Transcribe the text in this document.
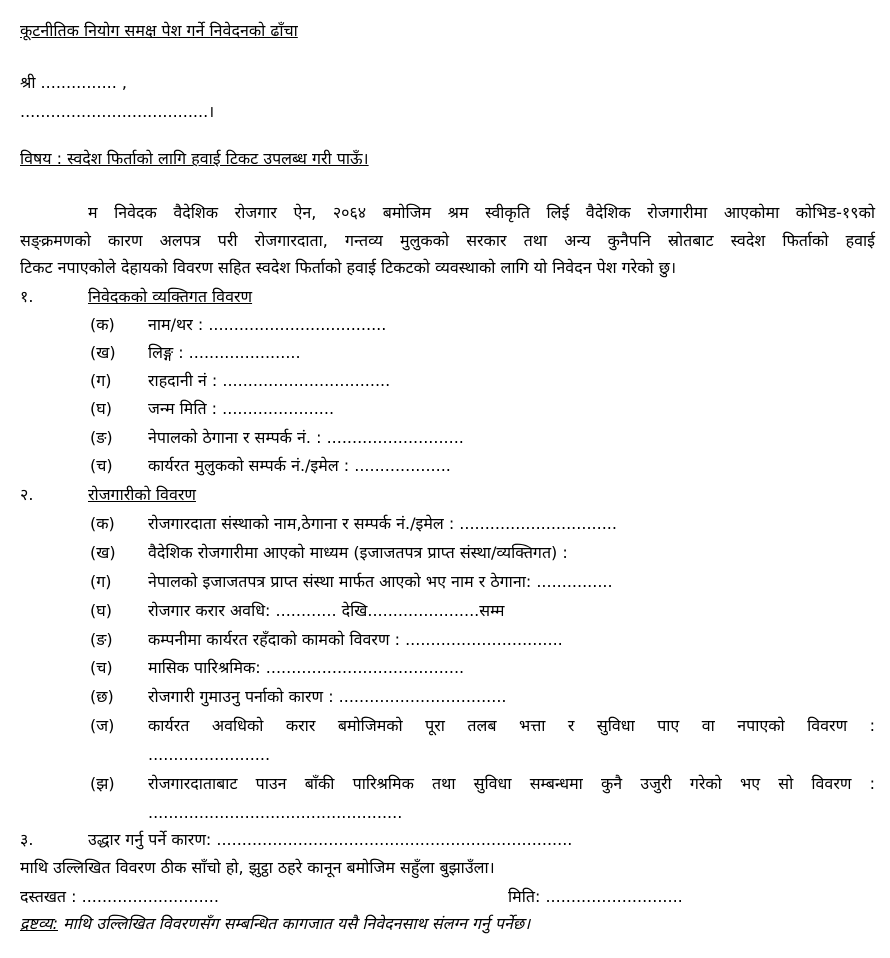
कूटनीतिक नियोग समक्ष पेश गर्ने निवेदनको ढाँचा
श्री ............... ,
.....................................।
विषय : स्वदेश फिर्ताको लागि हवाई टिकट उपलब्ध गरी पाऊँ।
म निवेदक वैदेशिक रोजगार ऐन, २०६४ बमोजिम श्रम स्वीकृति लिई वैदेशिक रोजगारीमा आएकोमा कोभिड-१९को
सङ्क्रमणको कारण अलपत्र परी रोजगारदाता, गन्तव्य मुलुकको सरकार तथा अन्य कुनैपनि स्रोतबाट स्वदेश फिर्ताको हवाई
टिकट नपाएकोले देहायको विवरण सहित स्वदेश फिर्ताको हवाई टिकटको व्यवस्थाको लागि यो निवेदन पेश गरेको छु।
१.	निवेदकको व्यक्तिगत विवरण
(क) नाम/थर : ...................................
(ख) लिङ्ग : ......................
(ग) राहदानी नं : .................................
(घ) जन्म मिति : ......................
(ङ) नेपालको ठेगाना र सम्पर्क नं. : ...........................
(च) कार्यरत मुलुकको सम्पर्क नं./इमेल : ...................
२.	रोजगारीको विवरण
(क) रोजगारदाता संस्थाको नाम,ठेगाना र सम्पर्क नं./इमेल : ...............................
(ख) वैदेशिक रोजगारीमा आएको माध्यम (इजाजतपत्र प्राप्त संस्था/व्यक्तिगत) :
(ग) नेपालको इजाजतपत्र प्राप्त संस्था मार्फत आएको भए नाम र ठेगाना: ...............
(घ) रोजगार करार अवधि: ............ देखि......................सम्म
(ङ) कम्पनीमा कार्यरत रहँदाको कामको विवरण : ...............................
(च) मासिक पारिश्रमिक: .......................................
(छ) रोजगारी गुमाउनु पर्नाको कारण : .................................
(ज) कार्यरत अवधिको करार बमोजिमको पूरा तलब भत्ता र सुविधा पाए वा नपाएको विवरण :
........................
(झ) रोजगारदाताबाट पाउन बाँकी पारिश्रमिक तथा सुविधा सम्बन्धमा कुनै उजुरी गरेको भए सो विवरण :
..................................................
३.	उद्धार गर्नु पर्ने कारण: ......................................................................
माथि उल्लिखित विवरण ठीक साँचो हो, झुट्ठा ठहरे कानून बमोजिम सहुँला बुझाउँला।
दस्तखत : ...........................	मिति: ...........................
द्रष्टव्य: माथि उल्लिखित विवरणसँग सम्बन्धित कागजात यसै निवेदनसाथ संलग्न गर्नु पर्नेछ।
